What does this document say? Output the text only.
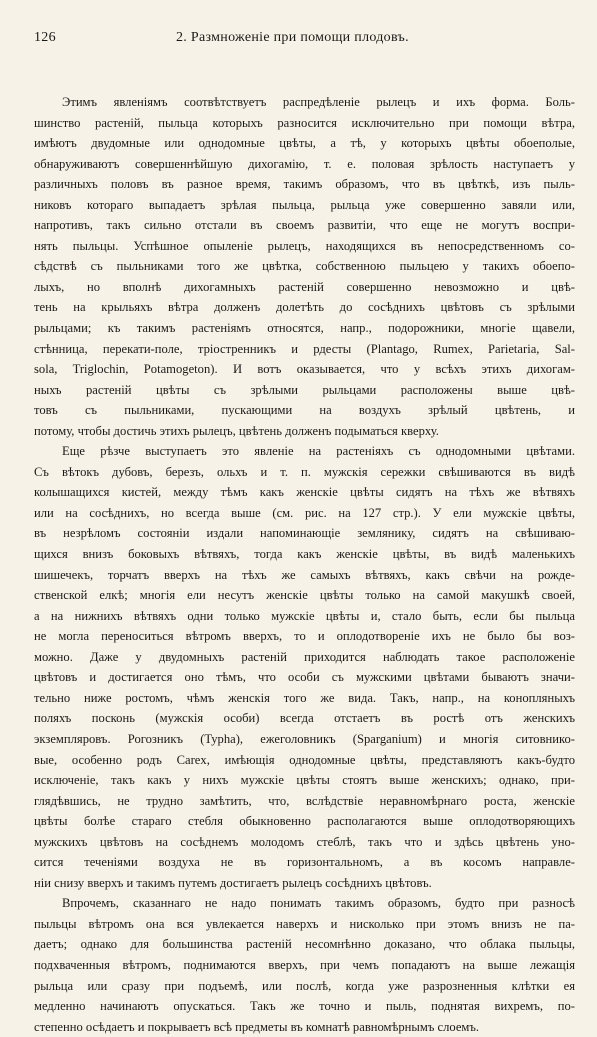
126	2. Размноженіе при помощи плодовъ.

Этимъ явленіямъ соотвѣтствуетъ распредѣленіе рылецъ и ихъ форма. Боль-
шинство растеній, пыльца которыхъ разносится исключительно при помощи вѣтра,
имѣютъ двудомные или однодомные цвѣты, а тѣ, у которыхъ цвѣты обоеполые,
обнаруживаютъ совершеннѣйшую дихогамію, т. е. половая зрѣлость наступаетъ у
различныхъ половъ въ разное время, такимъ образомъ, что въ цвѣткѣ, изъ пыль-
никовъ котораго выпадаетъ зрѣлая пыльца, рыльца уже совершенно завяли или,
напротивъ, такъ сильно отстали въ своемъ развитіи, что еще не могутъ воспри-
нять пыльцы. Успѣшное опыленіе рылецъ, находящихся въ непосредственномъ со-
сѣдствѣ съ пыльниками того же цвѣтка, собственною пыльцею у такихъ обоепо-
лыхъ, но вполнѣ дихогамныхъ растеній совершенно невозможно и цвѣ-
тень на крыльяхъ вѣтра долженъ долетѣть до сосѣднихъ цвѣтовъ съ зрѣлыми
рыльцами; къ такимъ растеніямъ относятся, напр., подорожники, многіе щавели,
стѣнница, перекати-поле, тріостренникъ и рдесты (Plantago, Rumex, Parietaria, Sal-
sola, Triglochin, Potamogeton). И вотъ оказывается, что у всѣхъ этихъ дихогам-
ныхъ растеній цвѣты съ зрѣлыми рыльцами расположены выше цвѣ-
товъ съ пыльниками, пускающими на воздухъ зрѣлый цвѣтень, и
потому, чтобы достичь этихъ рылецъ, цвѣтень долженъ подыматься кверху.

Еще рѣзче выступаетъ это явленіе на растеніяхъ съ однодомными цвѣтами.
Съ вѣтокъ дубовъ, березъ, ольхъ и т. п. мужскія сережки свѣшиваются въ видѣ
колышащихся кистей, между тѣмъ какъ женскіе цвѣты сидятъ на тѣхъ же вѣтвяхъ
или на сосѣднихъ, но всегда выше (см. рис. на 127 стр.). У ели мужскіе цвѣты,
въ незрѣломъ состояніи издали напоминающіе землянику, сидятъ на свѣшиваю-
щихся внизъ боковыхъ вѣтвяхъ, тогда какъ женскіе цвѣты, въ видѣ маленькихъ
шишечекъ, торчатъ вверхъ на тѣхъ же самыхъ вѣтвяхъ, какъ свѣчи на рожде-
ственской елкѣ; многія ели несутъ женскіе цвѣты только на самой макушкѣ своей,
а на нижнихъ вѣтвяхъ одни только мужскіе цвѣты и, стало быть, если бы пыльца
не могла переноситься вѣтромъ вверхъ, то и оплодотвореніе ихъ не было бы воз-
можно. Даже у двудомныхъ растеній приходится наблюдать такое расположеніе
цвѣтовъ и достигается оно тѣмъ, что особи съ мужскими цвѣтами бываютъ значи-
тельно ниже ростомъ, чѣмъ женскія того же вида. Такъ, напр., на конопляныхъ
поляхъ посконь (мужскія особи) всегда отстаетъ въ ростѣ отъ женскихъ
экземпляровъ. Рогозникъ (Typha), ежеголовникъ (Sparganium) и многія ситовнико-
вые, особенно родъ Carex, имѣющія однодомные цвѣты, представляютъ какъ-будто
исключеніе, такъ какъ у нихъ мужскіе цвѣты стоятъ выше женскихъ; однако, при-
глядѣвшись, не трудно замѣтить, что, вслѣдствіе неравномѣрнаго роста, женскіе
цвѣты болѣе стараго стебля обыкновенно располагаются выше оплодотворяющихъ
мужскихъ цвѣтовъ на сосѣднемъ молодомъ стеблѣ, такъ что и здѣсь цвѣтень уно-
сится теченіями воздуха не въ горизонтальномъ, а въ косомъ направле-
ніи снизу вверхъ и такимъ путемъ достигаетъ рылецъ сосѣднихъ цвѣтовъ.

Впрочемъ, сказаннаго не надо понимать такимъ образомъ, будто при разносѣ
пыльцы вѣтромъ она вся увлекается наверхъ и нисколько при этомъ внизъ не па-
даетъ; однако для большинства растеній несомнѣнно доказано, что облака пыльцы,
подхваченныя вѣтромъ, поднимаются вверхъ, при чемъ попадаютъ на выше лежащія
рыльца или сразу при подъемѣ, или послѣ, когда уже разрозненныя клѣтки ея
медленно начинаютъ опускаться. Такъ же точно и пыль, поднятая вихремъ, по-
степенно осѣдаетъ и покрываетъ всѣ предметы въ комнатѣ равномѣрнымъ слоемъ.
